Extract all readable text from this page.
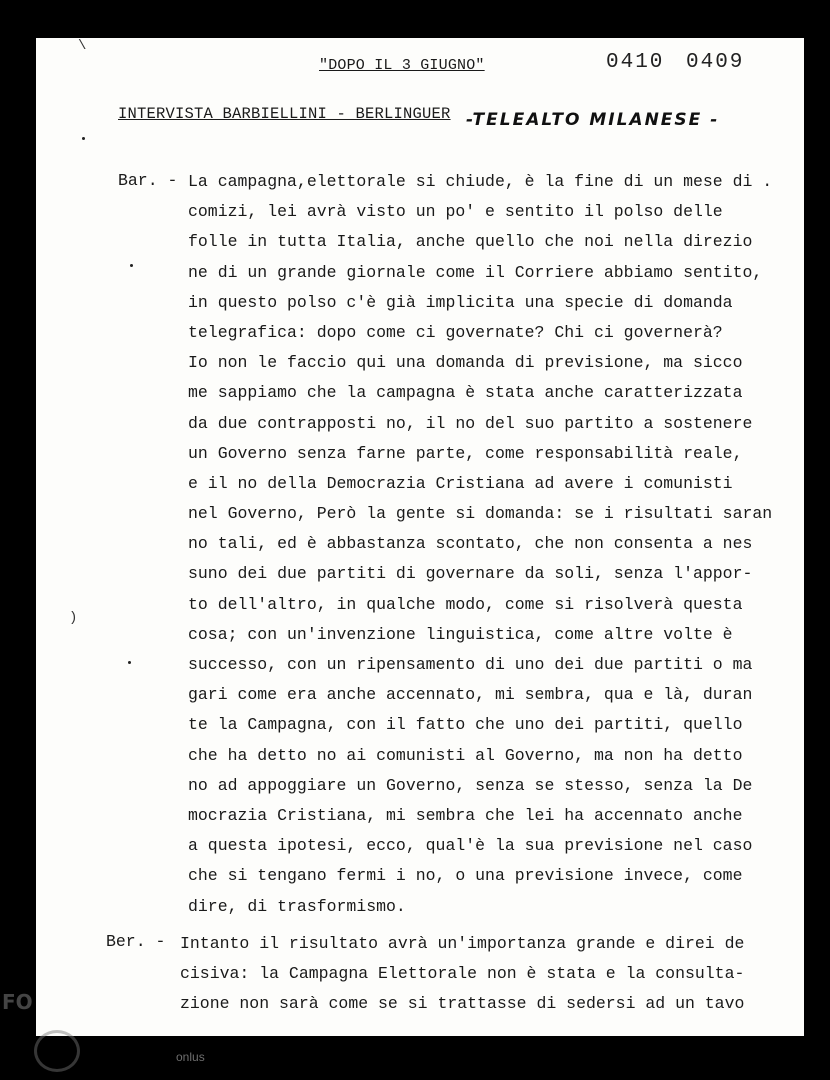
"DOPO IL 3 GIUGNO"	0410 0409
\
INTERVISTA BARBIELLINI - BERLINGUER -TELEALTO MILANESE -
)
Bar. - La campagna,elettorale si chiude, è la fine di un mese di .
comizi, lei avrà visto un po' e sentito il polso delle
folle in tutta Italia, anche quello che noi nella direzio
ne di un grande giornale come il Corriere abbiamo sentito,
in questo polso c'è già implicita una specie di domanda
telegrafica: dopo come ci governate? Chi ci governerà?
Io non le faccio qui una domanda di previsione, ma sicco
me sappiamo che la campagna è stata anche caratterizzata
da due contrapposti no, il no del suo partito a sostenere
un Governo senza farne parte, come responsabilità reale,
e il no della Democrazia Cristiana ad avere i comunisti
nel Governo, Però la gente si domanda: se i risultati saran
no tali, ed è abbastanza scontato, che non consenta a nes
suno dei due partiti di governare da soli, senza l'appor-
to dell'altro, in qualche modo, come si risolverà questa
cosa; con un'invenzione linguistica, come altre volte è
successo, con un ripensamento di uno dei due partiti o ma
gari come era anche accennato, mi sembra, qua e là, duran
te la Campagna, con il fatto che uno dei partiti, quello
che ha detto no ai comunisti al Governo, ma non ha detto
no ad appoggiare un Governo, senza se stesso, senza la De
mocrazia Cristiana, mi sembra che lei ha accennato anche
a questa ipotesi, ecco, qual'è la sua previsione nel caso
che si tengano fermi i no, o una previsione invece, come
dire, di trasformismo.
Ber. - Intanto il risultato avrà un'importanza grande e direi de
cisiva: la Campagna Elettorale non è stata e la consulta-
zione non sarà come se si trattasse di sedersi ad un tavo
FO
onlus
